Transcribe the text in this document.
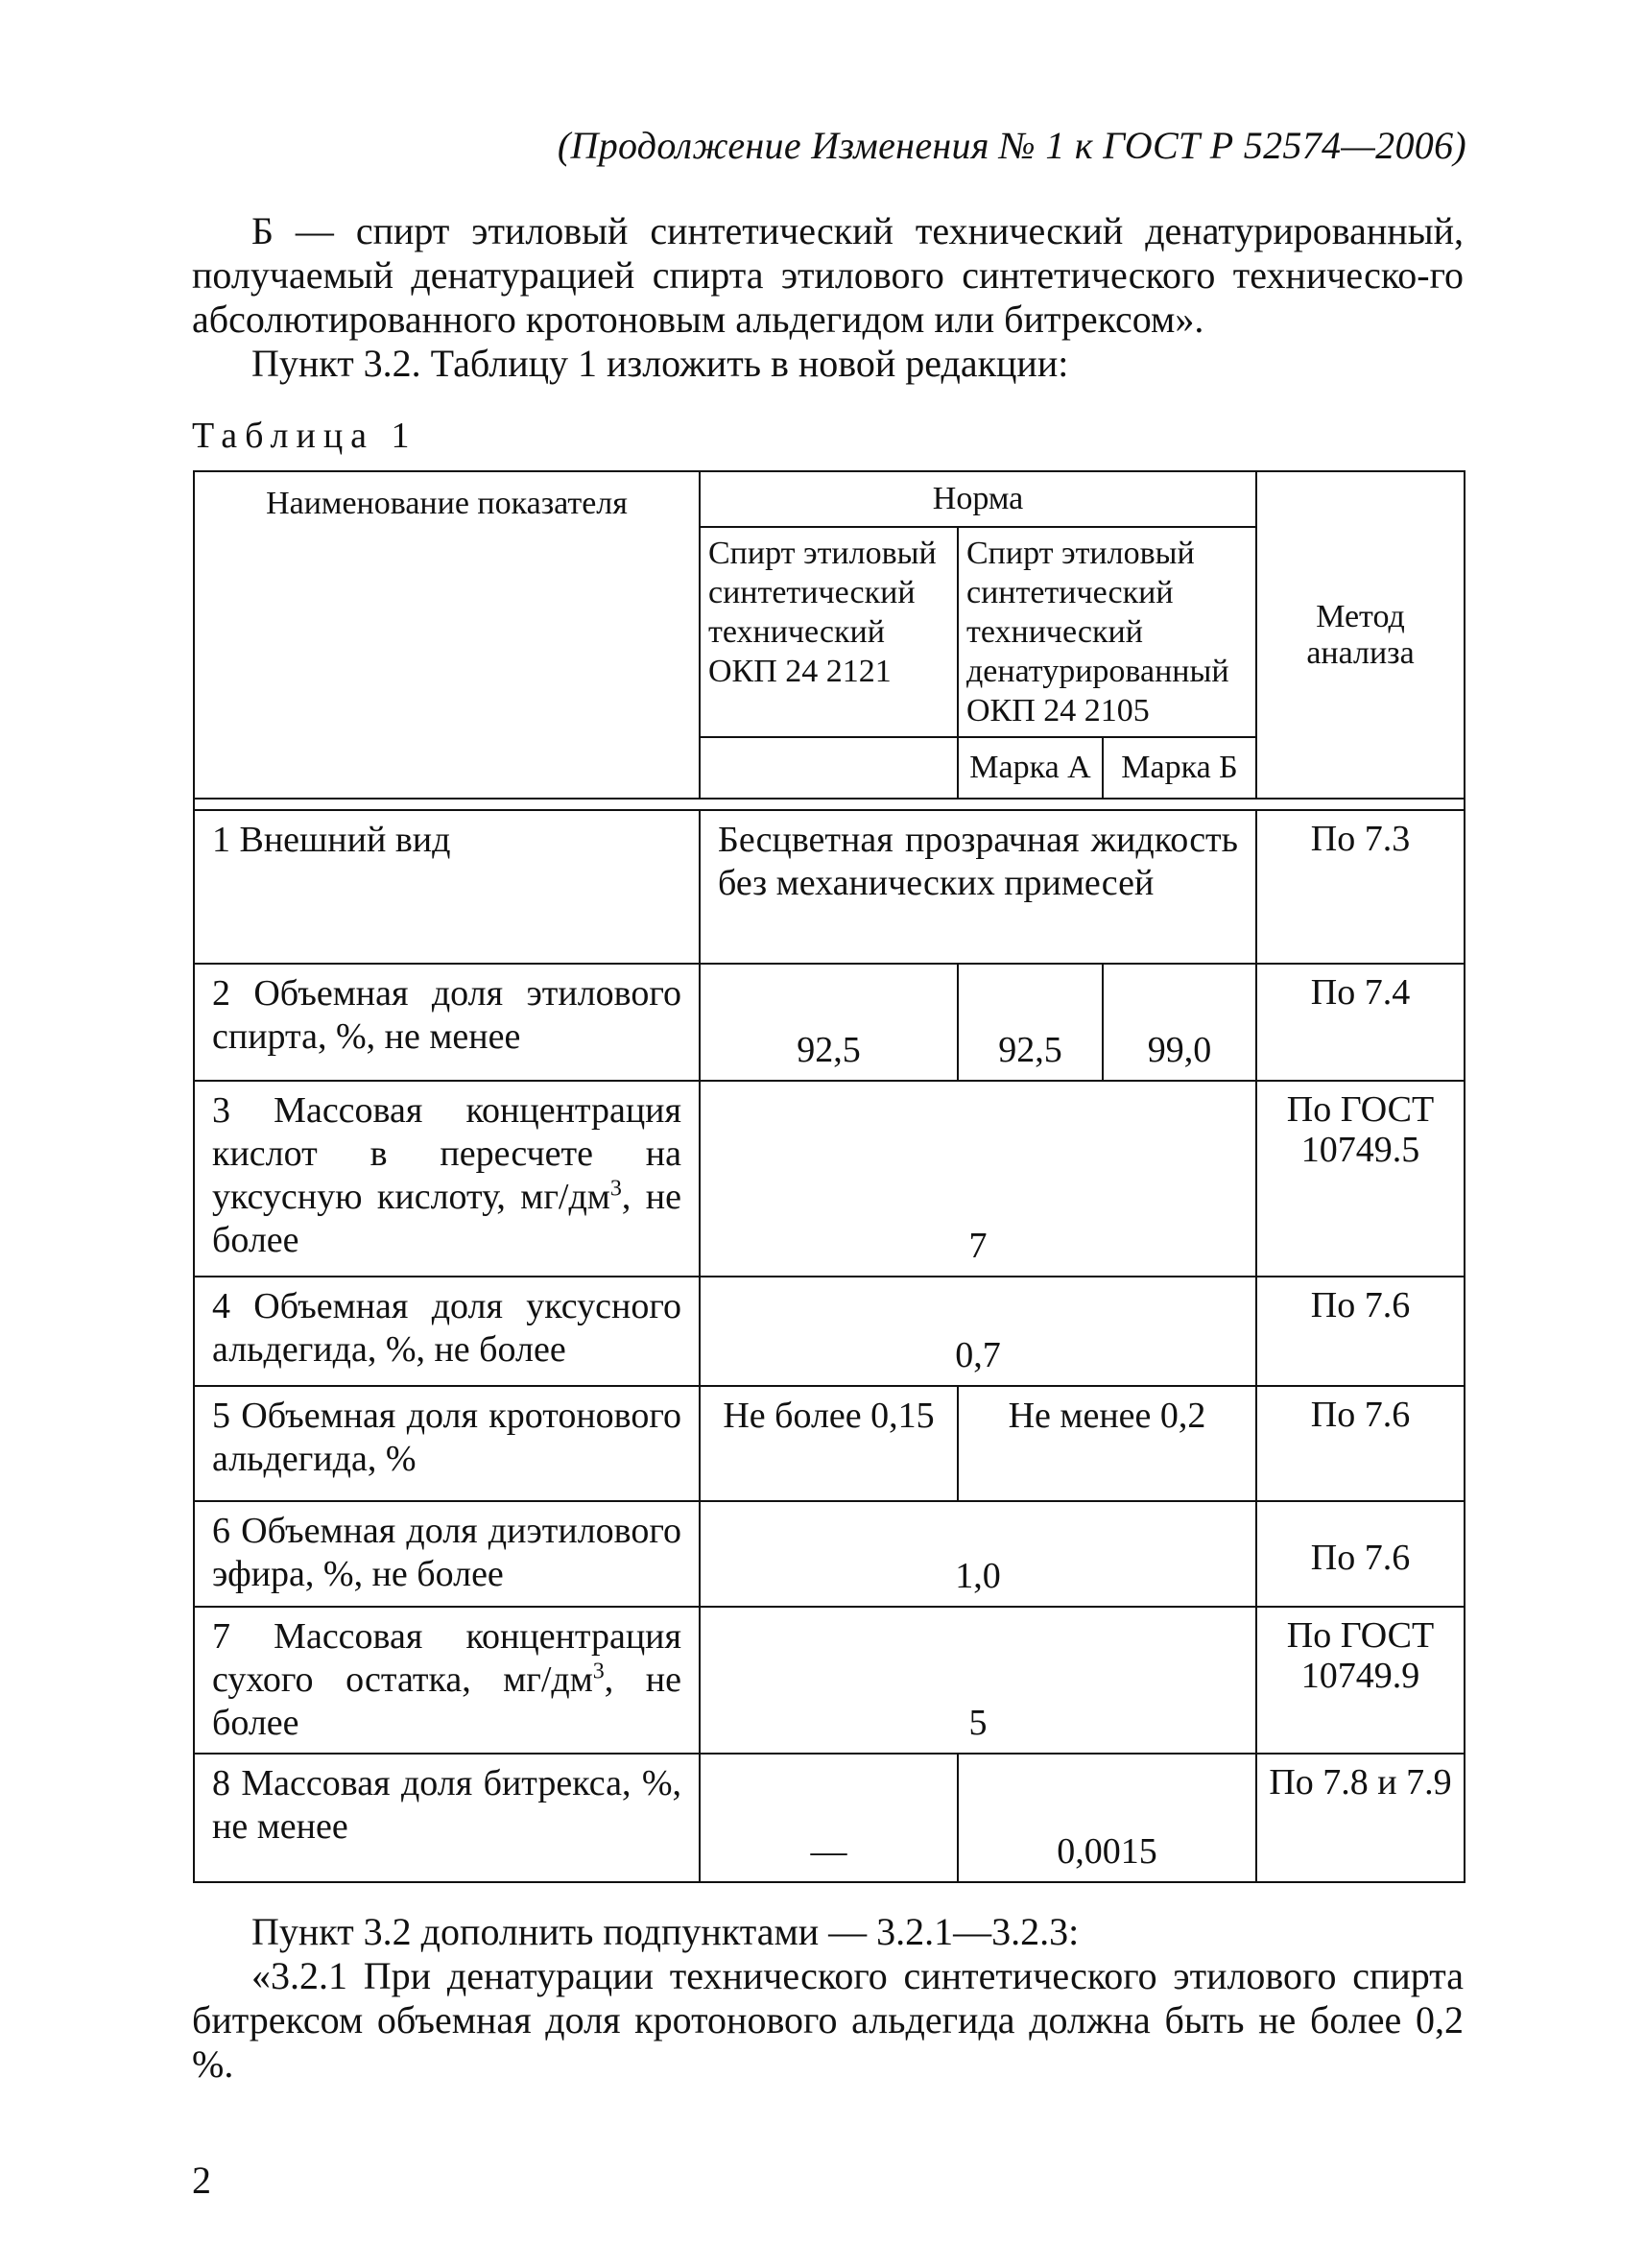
(Продолжение Изменения № 1 к ГОСТ Р 52574—2006)
Б — спирт этиловый синтетический технический денатурированный, получаемый денатурацией спирта этилового синтетического техническо-го абсолютированного кротоновым альдегидом или битрексом».
Пункт 3.2. Таблицу 1 изложить в новой редакции:
Таблица 1
Наименование показателя	Норма			Метод анализа
	Спирт этиловый синтетический технический ОКП 24 2121	Спирт этиловый синтетический технический денатурированный ОКП 24 2105		
		Марка А	Марка Б	

1 Внешний вид	Бесцветная прозрачная жидкость без механических примесей			По 7.3
2 Объемная доля этилового спирта, %, не менее	92,5	92,5	99,0	По 7.4
3 Массовая концентрация кислот в пересчете на уксусную кислоту, $мг/дм^3$, не более	7			По ГОСТ 10749.5
4 Объемная доля уксусного альдегида, %, не более	0,7			По 7.6
5 Объемная доля кротонового альдегида, %	Не более 0,15	Не менее 0,2		По 7.6
6 Объемная доля диэтилового эфира, %, не более	1,0			По 7.6
7 Массовая концентрация сухого остатка, $мг/дм^3$, не более	5			По ГОСТ 10749.9
8 Массовая доля битрекса, %, не менее	—	0,0015		По 7.8 и 7.9
Пункт 3.2 дополнить подпунктами — 3.2.1—3.2.3:
«3.2.1 При денатурации технического синтетического этилового спирта битрексом объемная доля кротонового альдегида должна быть не более 0,2 %.
2
